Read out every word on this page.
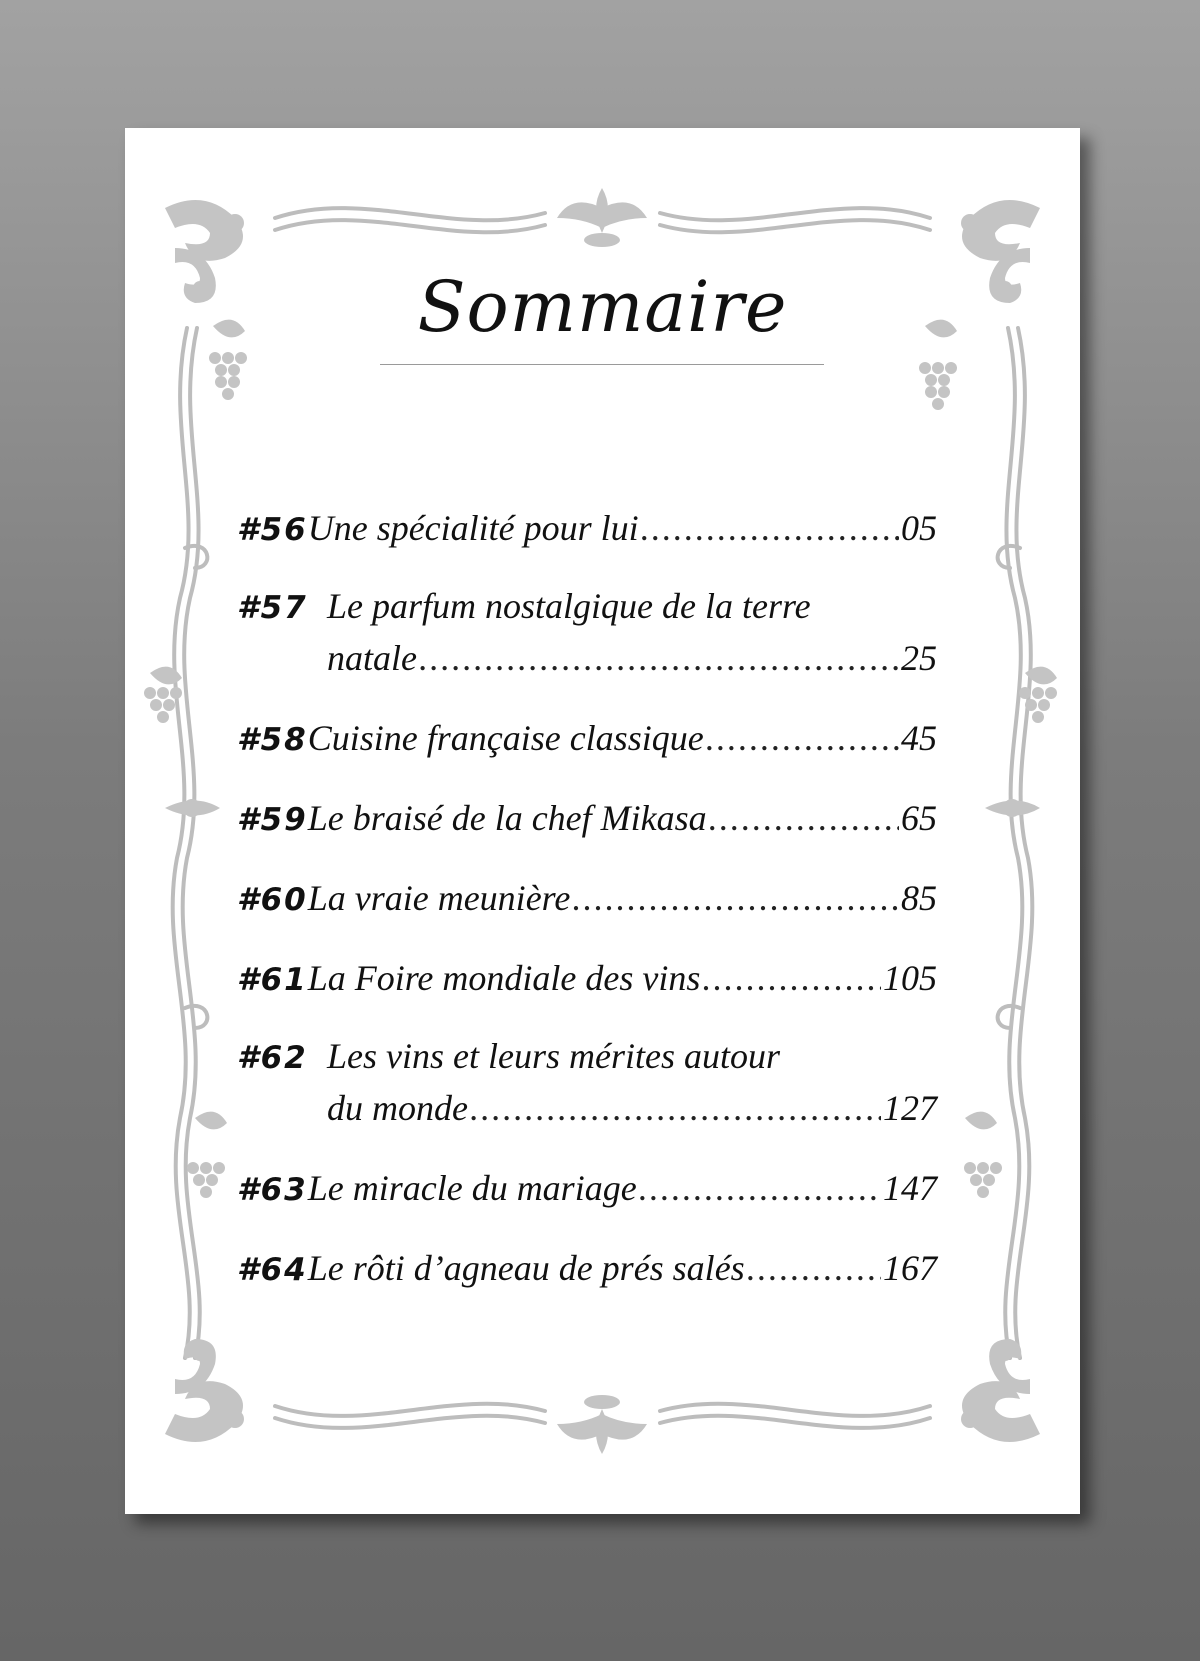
Sommaire
#56 Une spécialité pour lui .....	05
#57 Le parfum nostalgique de la terre
natale .....	25
#58 Cuisine française classique .....	45
#59 Le braisé de la chef Mikasa .....	65
#60 La vraie meunière .....	85
#61 La Foire mondiale des vins .....	105
#62 Les vins et leurs mérites autour
du monde .....	127
#63 Le miracle du mariage .....	147
#64 Le rôti d’agneau de prés salés .....	167
